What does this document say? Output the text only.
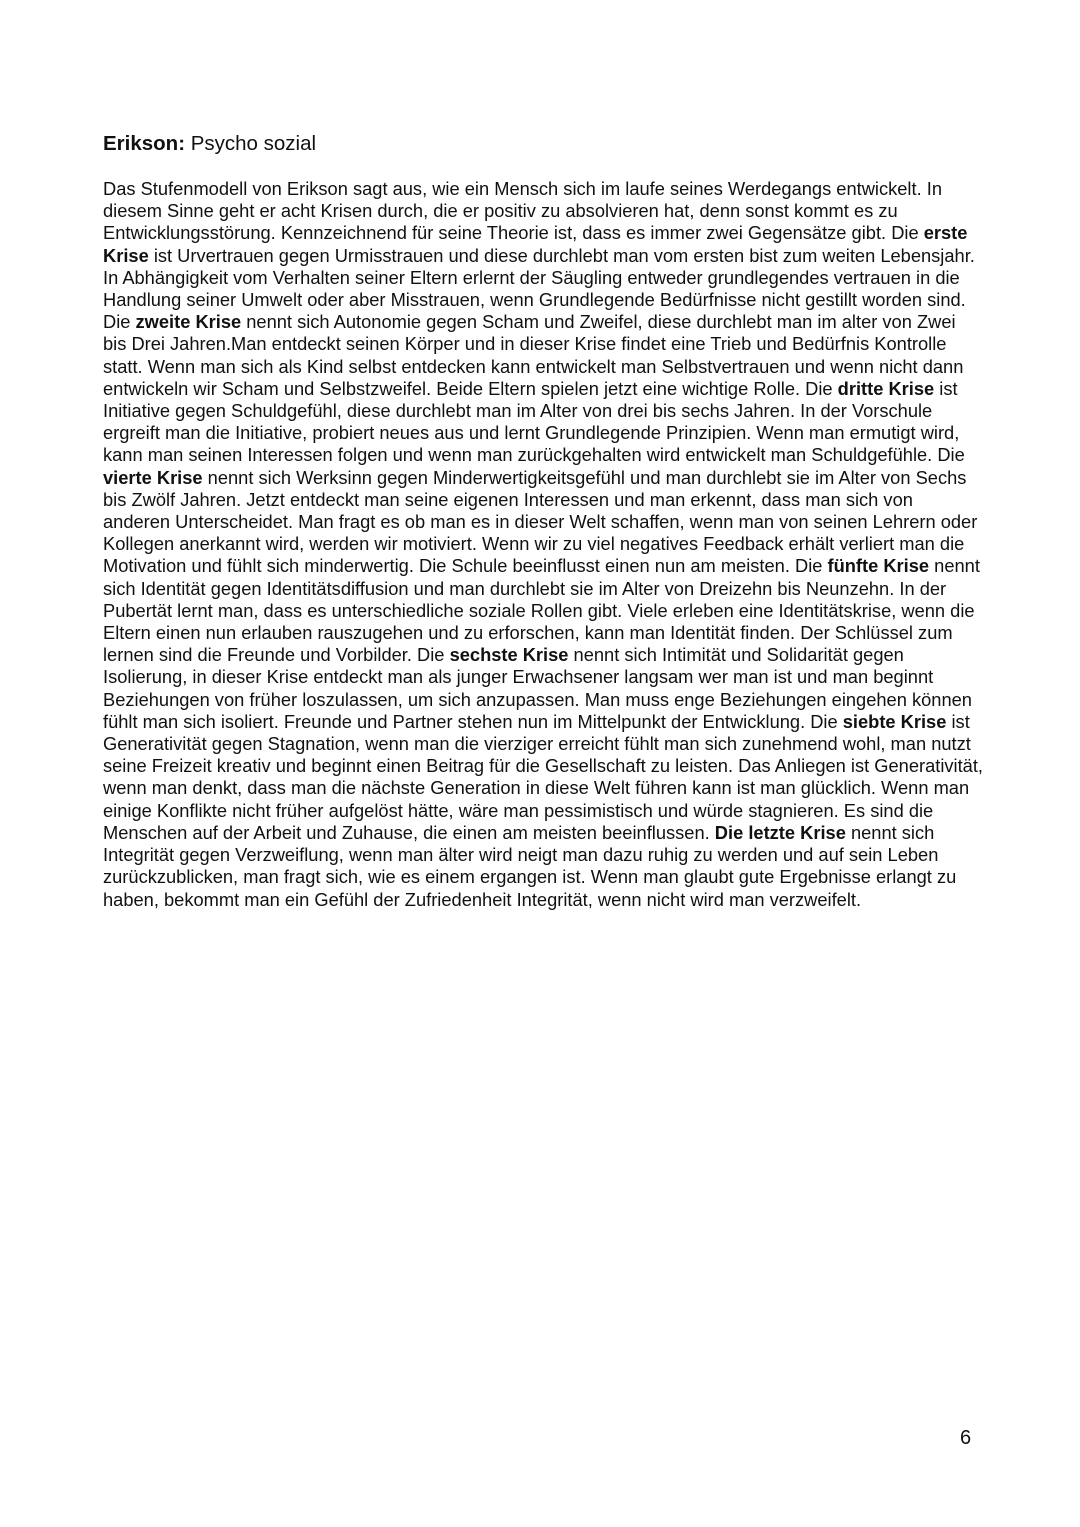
Erikson: Psycho sozial

Das Stufenmodell von Erikson sagt aus, wie ein Mensch sich im laufe seines Werdegangs entwickelt. In diesem Sinne geht er acht Krisen durch, die er positiv zu absolvieren hat, denn sonst kommt es zu Entwicklungsstörung. Kennzeichnend für seine Theorie ist, dass es immer zwei Gegensätze gibt. Die erste Krise ist Urvertrauen gegen Urmisstrauen und diese durchlebt man vom ersten bist zum weiten Lebensjahr. In Abhängigkeit vom Verhalten seiner Eltern erlernt der Säugling entweder grundlegendes vertrauen in die Handlung seiner Umwelt oder aber Misstrauen, wenn Grundlegende Bedürfnisse nicht gestillt worden sind. Die zweite Krise nennt sich Autonomie gegen Scham und Zweifel, diese durchlebt man im alter von Zwei bis Drei Jahren.Man entdeckt seinen Körper und in dieser Krise findet eine Trieb und Bedürfnis Kontrolle statt. Wenn man sich als Kind selbst entdecken kann entwickelt man Selbstvertrauen und wenn nicht dann entwickeln wir Scham und Selbstzweifel. Beide Eltern spielen jetzt eine wichtige Rolle. Die dritte Krise ist Initiative gegen Schuldgefühl, diese durchlebt man im Alter von drei bis sechs Jahren. In der Vorschule ergreift man die Initiative, probiert neues aus und lernt Grundlegende Prinzipien. Wenn man ermutigt wird, kann man seinen Interessen folgen und wenn man zurückgehalten wird entwickelt man Schuldgefühle. Die vierte Krise nennt sich Werksinn gegen Minderwertigkeitsgefühl und man durchlebt sie im Alter von Sechs bis Zwölf Jahren. Jetzt entdeckt man seine eigenen Interessen und man erkennt, dass man sich von anderen Unterscheidet. Man fragt es ob man es in dieser Welt schaffen, wenn man von seinen Lehrern oder Kollegen anerkannt wird, werden wir motiviert. Wenn wir zu viel negatives Feedback erhält verliert man die Motivation und fühlt sich minderwertig. Die Schule beeinflusst einen nun am meisten. Die fünfte Krise nennt sich Identität gegen Identitätsdiffusion und man durchlebt sie im Alter von Dreizehn bis Neunzehn. In der Pubertät lernt man, dass es unterschiedliche soziale Rollen gibt. Viele erleben eine Identitätskrise, wenn die Eltern einen nun erlauben rauszugehen und zu erforschen, kann man Identität finden. Der Schlüssel zum lernen sind die Freunde und Vorbilder. Die sechste Krise nennt sich Intimität und Solidarität gegen Isolierung, in dieser Krise entdeckt man als junger Erwachsener langsam wer man ist und man beginnt Beziehungen von früher loszulassen, um sich anzupassen. Man muss enge Beziehungen eingehen können fühlt man sich isoliert. Freunde und Partner stehen nun im Mittelpunkt der Entwicklung. Die siebte Krise ist Generativität gegen Stagnation, wenn man die vierziger erreicht fühlt man sich zunehmend wohl, man nutzt seine Freizeit kreativ und beginnt einen Beitrag für die Gesellschaft zu leisten. Das Anliegen ist Generativität, wenn man denkt, dass man die nächste Generation in diese Welt führen kann ist man glücklich. Wenn man einige Konflikte nicht früher aufgelöst hätte, wäre man pessimistisch und würde stagnieren. Es sind die Menschen auf der Arbeit und Zuhause, die einen am meisten beeinflussen. Die letzte Krise nennt sich Integrität gegen Verzweiflung, wenn man älter wird neigt man dazu ruhig zu werden und auf sein Leben zurückzublicken, man fragt sich, wie es einem ergangen ist. Wenn man glaubt gute Ergebnisse erlangt zu haben, bekommt man ein Gefühl der Zufriedenheit Integrität, wenn nicht wird man verzweifelt.

6
